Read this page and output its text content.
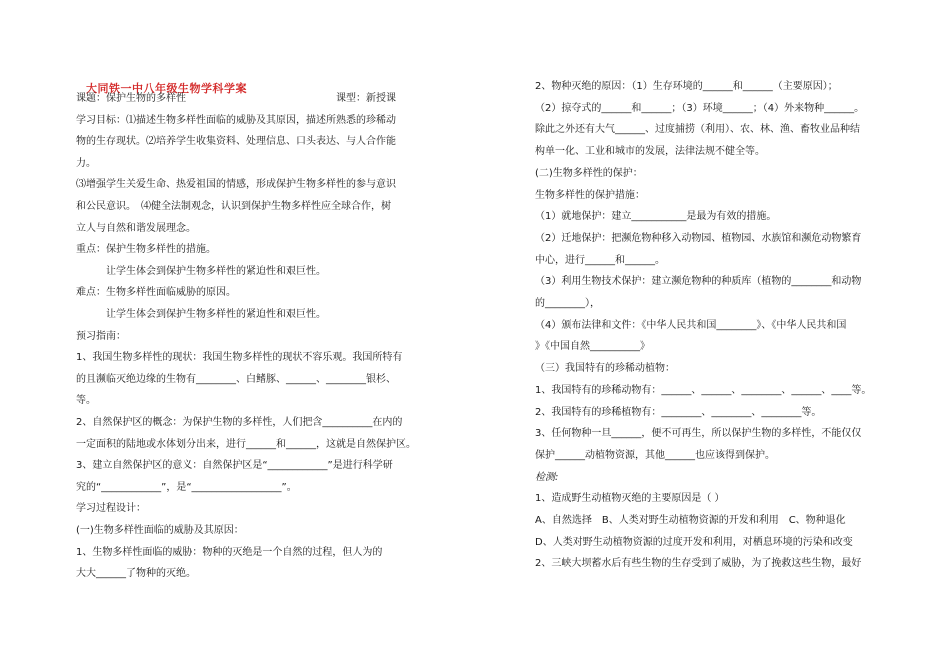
大同铁一中八年级生物学科学案
课题：保护生物的多样性　　　　　　　　　　　　　　　课型：新授课
学习目标：⑴描述生物多样性面临的威胁及其原因，描述所熟悉的珍稀动
物的生存现状。⑵培养学生收集资料、处理信息、口头表达、与人合作能
力。
⑶增强学生关爱生命、热爱祖国的情感，形成保护生物多样性的参与意识
和公民意识。　⑷健全法制观念，认识到保护生物多样性应全球合作，树
立人与自然和谐发展理念。
重点：保护生物多样性的措施。
　　　让学生体会到保护生物多样性的紧迫性和艰巨性。
难点：生物多样性面临威胁的原因。
　　　让学生体会到保护生物多样性的紧迫性和艰巨性。
预习指南：
1、我国生物多样性的现状：我国生物多样性的现状不容乐观。我国所特有
的且濒临灭绝边缘的生物有________、白鳍豚、______、________银杉、
等。
2、自然保护区的概念：为保护生物的多样性，人们把含__________在内的
一定面积的陆地或水体划分出来，进行______和______，这就是自然保护区。
3、建立自然保护区的意义：自然保护区是“____________”是进行科学研
究的“____________”，是“__________________”。
学习过程设计：
(一)生物多样性面临的威胁及其原因：
1、生物多样性面临的威胁：物种的灭绝是一个自然的过程，但人为的
大大______了物种的灭绝。
2、物种灭绝的原因：（1）生存环境的______和______（主要原因）；
（2）掠夺式的______和______；（3）环境______；（4）外来物种______。
除此之外还有大气______、过度捕捞（利用）、农、林、渔、畜牧业品种结
构单一化、工业和城市的发展，法律法规不健全等。
(二)生物多样性的保护：
生物多样性的保护措施：
（1）就地保护：建立___________是最为有效的措施。
（2）迁地保护：把濒危物种移入动物园、植物园、水族馆和濒危动物繁育
中心，进行______和______。
（3）利用生物技术保护：建立濒危物种的种质库（植物的________和动物
的________），
（4）颁布法律和文件：《中华人民共和国________》、《中华人民共和国
》《中国自然__________》
（三）我国特有的珍稀动植物：
1、我国特有的珍稀动物有：______、______、________、______、____等。
2、我国特有的珍稀植物有：________、________、________等。
3、任何物种一旦______，便不可再生，所以保护生物的多样性，不能仅仅
保护______动植物资源，其他______也应该得到保护。
检测:
1、造成野生动植物灭绝的主要原因是（ ）
A、自然选择　B、人类对野生动植物资源的开发和利用　C、物种退化
D、人类对野生动植物资源的过度开发和利用，对栖息环境的污染和改变
2、三峡大坝蓄水后有些生物的生存受到了威胁，为了挽救这些生物，最好
